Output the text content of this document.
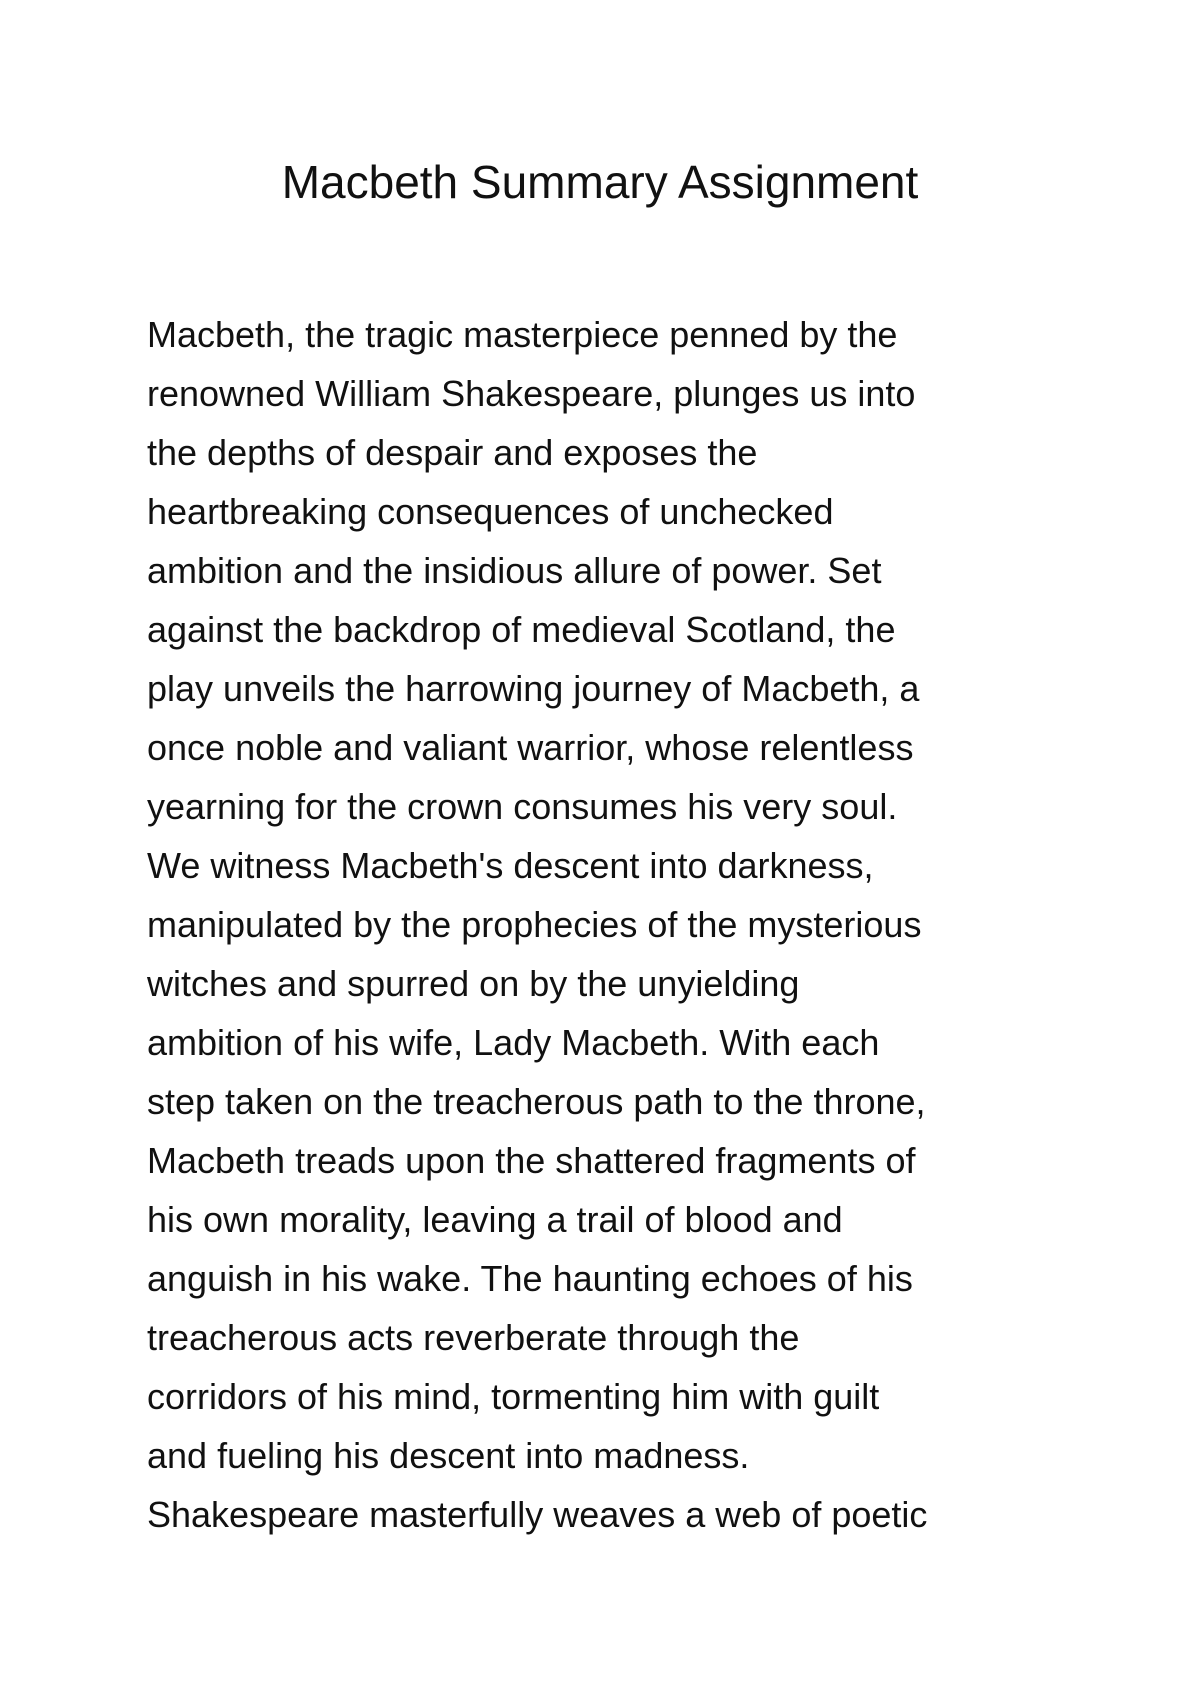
Macbeth Summary Assignment
Macbeth, the tragic masterpiece penned by the
renowned William Shakespeare, plunges us into
the depths of despair and exposes the
heartbreaking consequences of unchecked
ambition and the insidious allure of power. Set
against the backdrop of medieval Scotland, the
play unveils the harrowing journey of Macbeth, a
once noble and valiant warrior, whose relentless
yearning for the crown consumes his very soul.
We witness Macbeth's descent into darkness,
manipulated by the prophecies of the mysterious
witches and spurred on by the unyielding
ambition of his wife, Lady Macbeth. With each
step taken on the treacherous path to the throne,
Macbeth treads upon the shattered fragments of
his own morality, leaving a trail of blood and
anguish in his wake. The haunting echoes of his
treacherous acts reverberate through the
corridors of his mind, tormenting him with guilt
and fueling his descent into madness.
Shakespeare masterfully weaves a web of poetic
